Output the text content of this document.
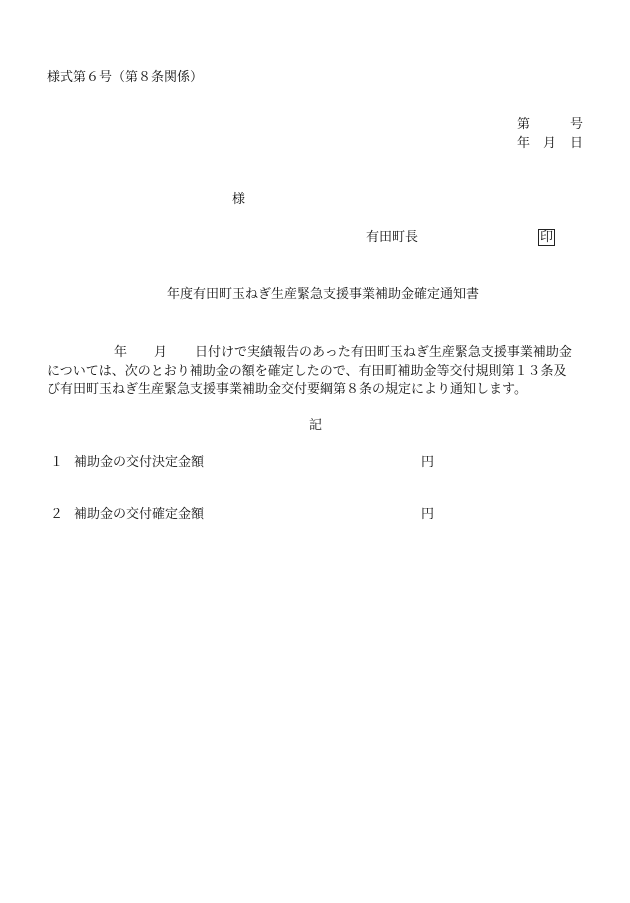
様式第６号（第８条関係）
第	号
年 月 日
様
有田町長	印
年度有田町玉ねぎ生産緊急支援事業補助金確定通知書
年 月 日付けで実績報告のあった有田町玉ねぎ生産緊急支援事業補助金
については、次のとおり補助金の額を確定したので、有田町補助金等交付規則第１３条及
び有田町玉ねぎ生産緊急支援事業補助金交付要綱第８条の規定により通知します。
記
１ 補助金の交付決定金額	円
２ 補助金の交付確定金額	円
